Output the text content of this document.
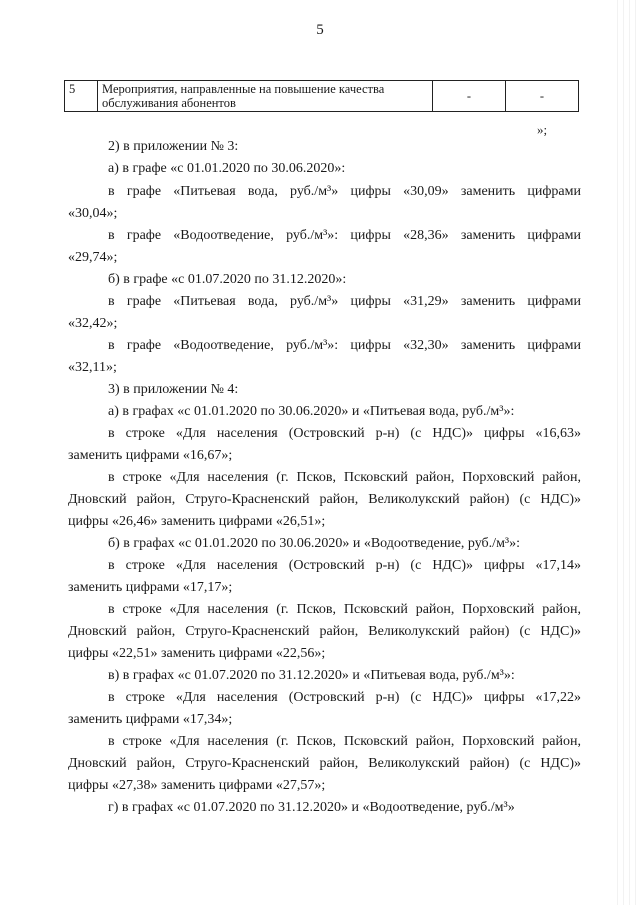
5
5	Мероприятия, направленные на повышение качества
обслуживания абонентов	-	-
»;
2) в приложении № 3:
а) в графе «с 01.01.2020 по 30.06.2020»:
в графе «Питьевая вода, руб./м³» цифры «30,09» заменить цифрами
«30,04»;
в графе «Водоотведение, руб./м³»: цифры «28,36» заменить цифрами
«29,74»;
б) в графе «с 01.07.2020 по 31.12.2020»:
в графе «Питьевая вода, руб./м³» цифры «31,29» заменить цифрами
«32,42»;
в графе «Водоотведение, руб./м³»: цифры «32,30» заменить цифрами
«32,11»;
3) в приложении № 4:
а) в графах «с 01.01.2020 по 30.06.2020» и «Питьевая вода, руб./м³»:
в строке «Для населения (Островский р-н) (с НДС)» цифры «16,63»
заменить цифрами «16,67»;
в строке «Для населения (г. Псков, Псковский район, Порховский район,
Дновский район, Струго-Красненский район, Великолукский район) (с НДС)»
цифры «26,46» заменить цифрами «26,51»;
б) в графах «с 01.01.2020 по 30.06.2020» и «Водоотведение, руб./м³»:
в строке «Для населения (Островский р-н) (с НДС)» цифры «17,14»
заменить цифрами «17,17»;
в строке «Для населения (г. Псков, Псковский район, Порховский район,
Дновский район, Струго-Красненский район, Великолукский район) (с НДС)»
цифры «22,51» заменить цифрами «22,56»;
в) в графах «с 01.07.2020 по 31.12.2020» и «Питьевая вода, руб./м³»:
в строке «Для населения (Островский р-н) (с НДС)» цифры «17,22»
заменить цифрами «17,34»;
в строке «Для населения (г. Псков, Псковский район, Порховский район,
Дновский район, Струго-Красненский район, Великолукский район) (с НДС)»
цифры «27,38» заменить цифрами «27,57»;
г) в графах «с 01.07.2020 по 31.12.2020» и «Водоотведение, руб./м³»
